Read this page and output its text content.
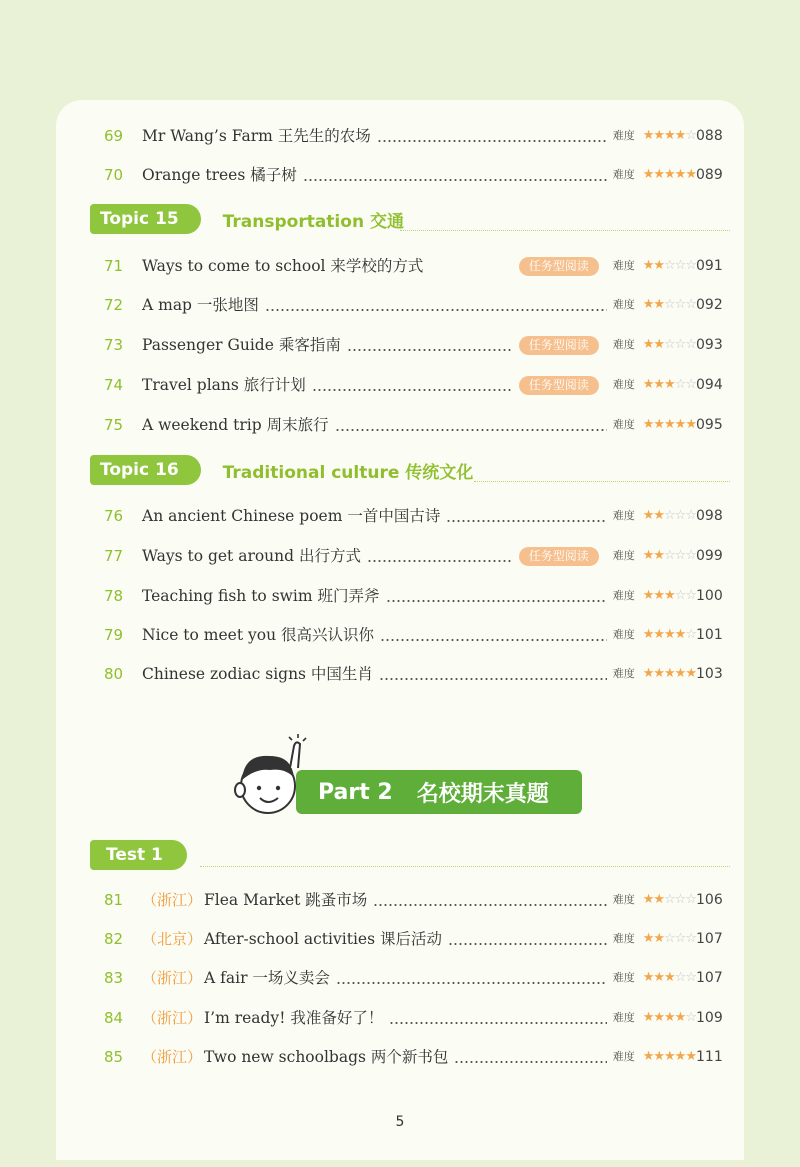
69	Mr Wang’s Farm 王先生的农场	难度 ★★★★☆ 088
70	Orange trees 橘子树	难度 ★★★★★ 089
Topic 15	Transportation 交通
71	Ways to come to school 来学校的方式	任务型阅读	难度 ★★☆☆☆ 091
72	A map 一张地图	难度 ★★☆☆☆ 092
73	Passenger Guide 乘客指南	任务型阅读	难度 ★★☆☆☆ 093
74	Travel plans 旅行计划	任务型阅读	难度 ★★★☆☆ 094
75	A weekend trip 周末旅行	难度 ★★★★★ 095
Topic 16	Traditional culture 传统文化
76	An ancient Chinese poem 一首中国古诗	难度 ★★☆☆☆ 098
77	Ways to get around 出行方式	任务型阅读	难度 ★★☆☆☆ 099
78	Teaching fish to swim 班门弄斧	难度 ★★★☆☆ 100
79	Nice to meet you 很高兴认识你	难度 ★★★★☆ 101
80	Chinese zodiac signs 中国生肖	难度 ★★★★★ 103
Part 2 名校期末真题
Test 1
81	（浙江） Flea Market 跳蚤市场	难度 ★★☆☆☆ 106
82	（北京） After-school activities 课后活动	难度 ★★☆☆☆ 107
83	（浙江） A fair 一场义卖会	难度 ★★★☆☆ 107
84	（浙江） I’m ready! 我准备好了！	难度 ★★★★☆ 109
85	（浙江） Two new schoolbags 两个新书包	难度 ★★★★★ 111
5
